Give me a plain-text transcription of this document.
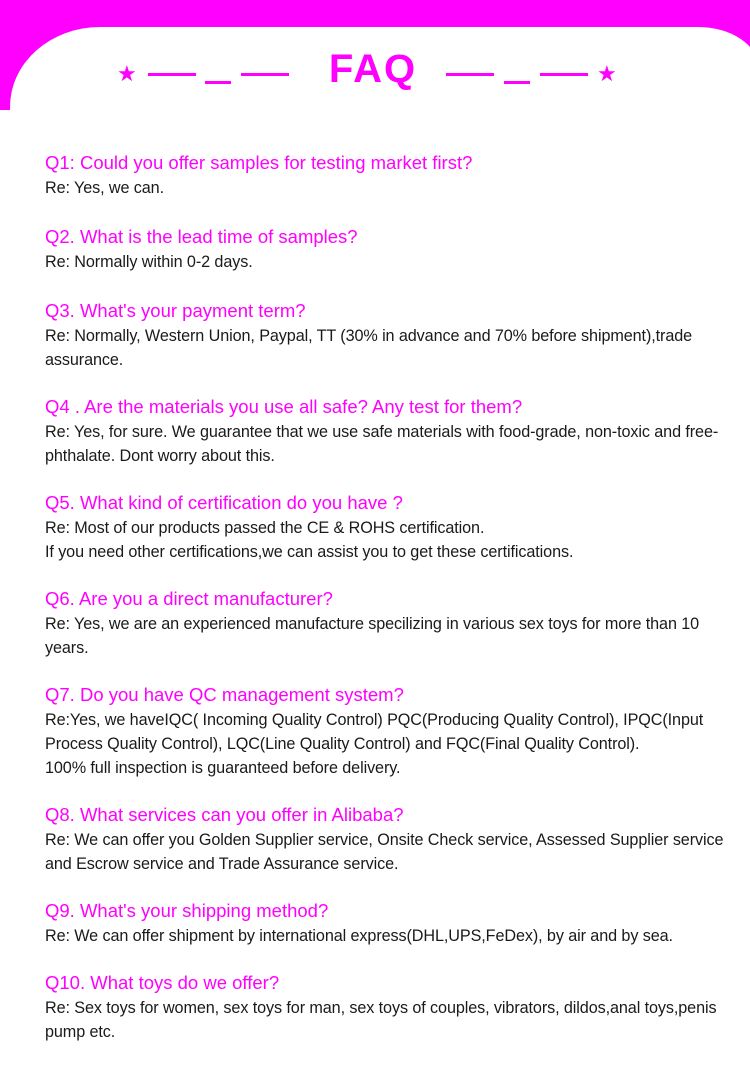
★	FAQ	★
Q1: Could you offer samples for testing market first?
Re: Yes, we can.
Q2. What is the lead time of samples?
Re: Normally within 0-2 days.
Q3. What's your payment term?
Re: Normally, Western Union, Paypal, TT (30% in advance and 70% before shipment),trade assurance.
Q4 . Are the materials you use all safe? Any test for them?
Re: Yes, for sure. We guarantee that we use safe materials with food-grade, non-toxic and free-phthalate. Dont worry about this.
Q5. What kind of certification do you have ?
Re: Most of our products passed the CE & ROHS certification.
If you need other certifications,we can assist you to get these certifications.
Q6. Are you a direct manufacturer?
Re: Yes, we are an experienced manufacture specilizing in various sex toys for more than 10 years.
Q7. Do you have QC management system?
Re:Yes, we haveIQC( Incoming Quality Control) PQC(Producing Quality Control), IPQC(Input Process Quality Control), LQC(Line Quality Control) and FQC(Final Quality Control).
100% full inspection is guaranteed before delivery.
Q8. What services can you offer in Alibaba?
Re: We can offer you Golden Supplier service, Onsite Check service, Assessed Supplier service and Escrow service and Trade Assurance service.
Q9. What's your shipping method?
Re: We can offer shipment by international express(DHL,UPS,FeDex), by air and by sea.
Q10. What toys do we offer?
Re: Sex toys for women, sex toys for man, sex toys of couples, vibrators, dildos,anal toys,penis pump etc.
